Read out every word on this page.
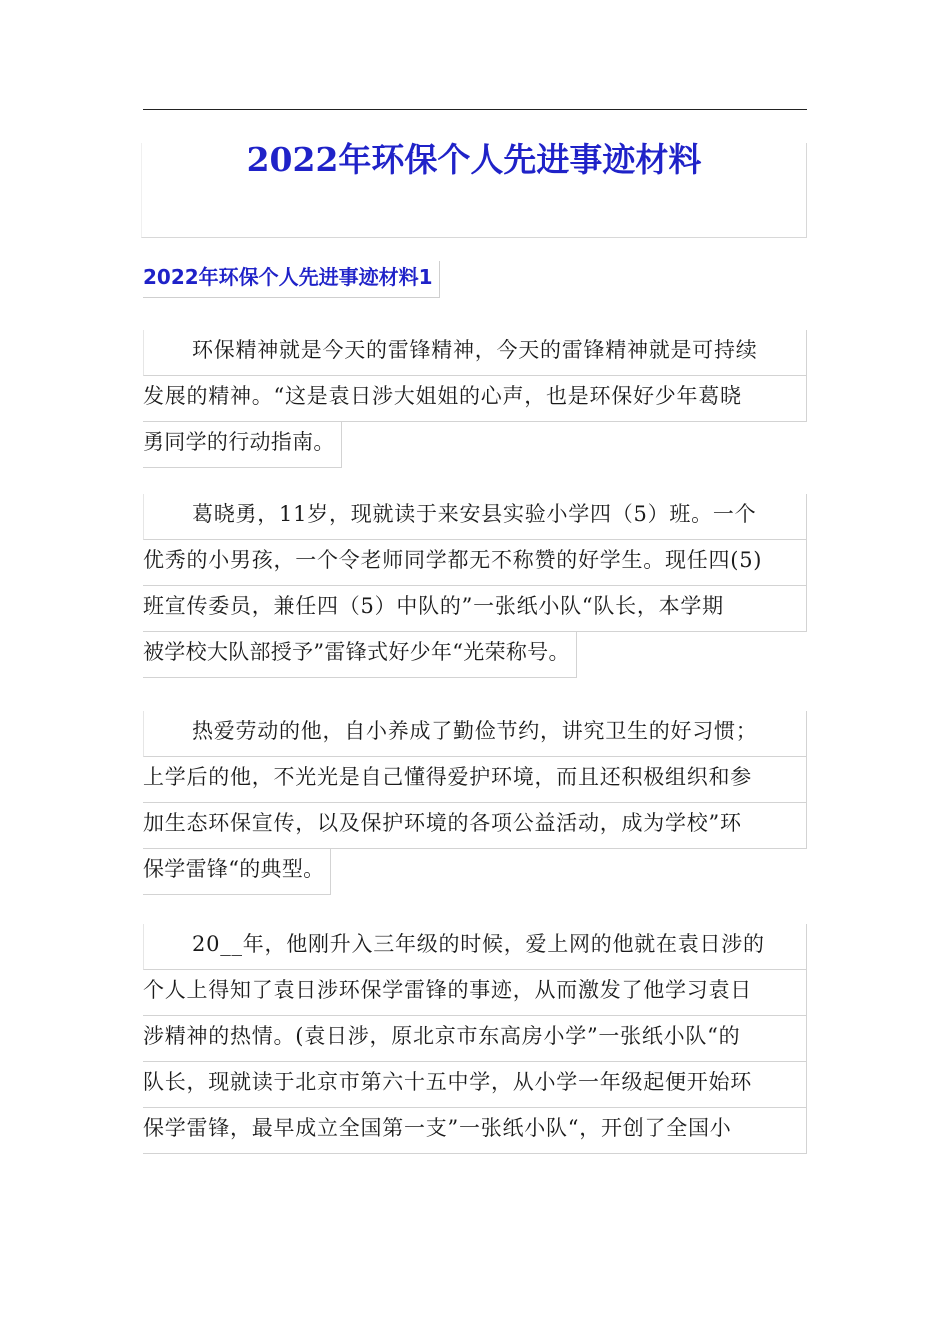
2022年环保个人先进事迹材料
2022年环保个人先进事迹材料1
环保精神就是今天的雷锋精神，今天的雷锋精神就是可持续
发展的精神。“这是袁日涉大姐姐的心声，也是环保好少年葛晓
勇同学的行动指南。

葛晓勇，11岁，现就读于来安县实验小学四（5）班。一个
优秀的小男孩，一个令老师同学都无不称赞的好学生。现任四(5)
班宣传委员，兼任四（5）中队的”一张纸小队“队长，本学期
被学校大队部授予”雷锋式好少年“光荣称号。

热爱劳动的他，自小养成了勤俭节约，讲究卫生的好习惯；
上学后的他，不光光是自己懂得爱护环境，而且还积极组织和参
加生态环保宣传，以及保护环境的各项公益活动，成为学校”环
保学雷锋“的典型。

20__年，他刚升入三年级的时候，爱上网的他就在袁日涉的
个人上得知了袁日涉环保学雷锋的事迹，从而激发了他学习袁日
涉精神的热情。(袁日涉，原北京市东高房小学”一张纸小队“的
队长，现就读于北京市第六十五中学，从小学一年级起便开始环
保学雷锋，最早成立全国第一支”一张纸小队“，开创了全国小
